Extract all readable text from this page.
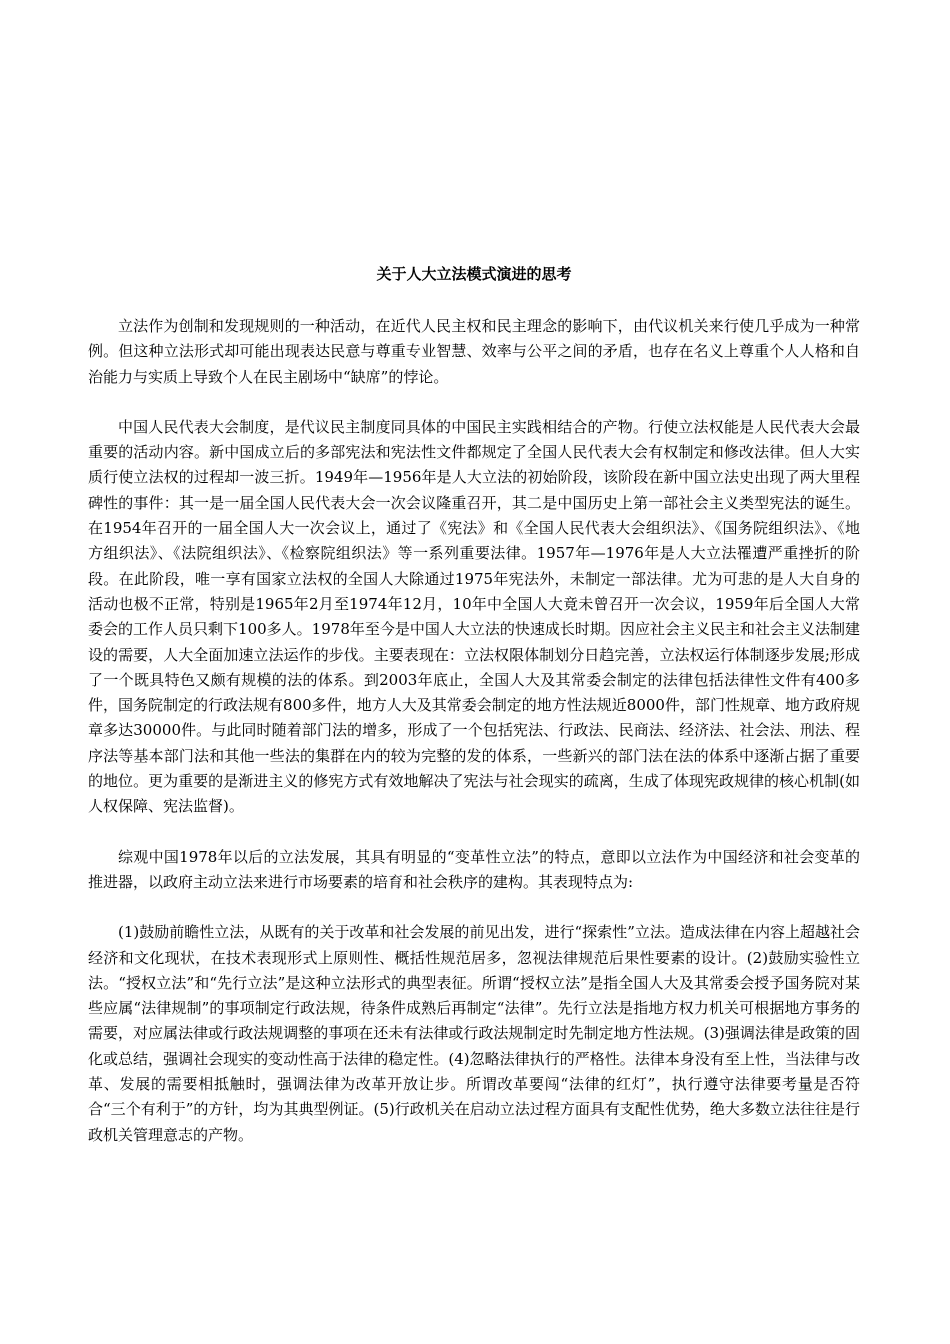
关于人大立法模式演进的思考

立法作为创制和发现规则的一种活动，在近代人民主权和民主理念的影响下，由代议机关来行使几乎成为一种常例。但这种立法形式却可能出现表达民意与尊重专业智慧、效率与公平之间的矛盾，也存在名义上尊重个人人格和自治能力与实质上导致个人在民主剧场中“缺席”的悖论。

中国人民代表大会制度，是代议民主制度同具体的中国民主实践相结合的产物。行使立法权能是人民代表大会最重要的活动内容。新中国成立后的多部宪法和宪法性文件都规定了全国人民代表大会有权制定和修改法律。但人大实质行使立法权的过程却一波三折。1949年—1956年是人大立法的初始阶段，该阶段在新中国立法史出现了两大里程碑性的事件：其一是一届全国人民代表大会一次会议隆重召开，其二是中国历史上第一部社会主义类型宪法的诞生。在1954年召开的一届全国人大一次会议上，通过了《宪法》和《全国人民代表大会组织法》、《国务院组织法》、《地方组织法》、《法院组织法》、《检察院组织法》等一系列重要法律。1957年—1976年是人大立法罹遭严重挫折的阶段。在此阶段，唯一享有国家立法权的全国人大除通过1975年宪法外，未制定一部法律。尤为可悲的是人大自身的活动也极不正常，特别是1965年2月至1974年12月，10年中全国人大竟未曾召开一次会议，1959年后全国人大常委会的工作人员只剩下100多人。1978年至今是中国人大立法的快速成长时期。因应社会主义民主和社会主义法制建设的需要，人大全面加速立法运作的步伐。主要表现在：立法权限体制划分日趋完善，立法权运行体制逐步发展;形成了一个既具特色又颇有规模的法的体系。到2003年底止，全国人大及其常委会制定的法律包括法律性文件有400多件，国务院制定的行政法规有800多件，地方人大及其常委会制定的地方性法规近8000件，部门性规章、地方政府规章多达30000件。与此同时随着部门法的增多，形成了一个包括宪法、行政法、民商法、经济法、社会法、刑法、程序法等基本部门法和其他一些法的集群在内的较为完整的发的体系，一些新兴的部门法在法的体系中逐渐占据了重要的地位。更为重要的是渐进主义的修宪方式有效地解决了宪法与社会现实的疏离，生成了体现宪政规律的核心机制(如人权保障、宪法监督)。

综观中国1978年以后的立法发展，其具有明显的“变革性立法”的特点，意即以立法作为中国经济和社会变革的推进器，以政府主动立法来进行市场要素的培育和社会秩序的建构。其表现特点为:

(1)鼓励前瞻性立法，从既有的关于改革和社会发展的前见出发，进行“探索性”立法。造成法律在内容上超越社会经济和文化现状，在技术表现形式上原则性、概括性规范居多，忽视法律规范后果性要素的设计。(2)鼓励实验性立法。“授权立法”和“先行立法”是这种立法形式的典型表征。所谓“授权立法”是指全国人大及其常委会授予国务院对某些应属“法律规制”的事项制定行政法规，待条件成熟后再制定“法律”。先行立法是指地方权力机关可根据地方事务的需要，对应属法律或行政法规调整的事项在还未有法律或行政法规制定时先制定地方性法规。(3)强调法律是政策的固化或总结，强调社会现实的变动性高于法律的稳定性。(4)忽略法律执行的严格性。法律本身没有至上性，当法律与改革、发展的需要相抵触时，强调法律为改革开放让步。所谓改革要闯“法律的红灯”，执行遵守法律要考量是否符合“三个有利于”的方针，均为其典型例证。(5)行政机关在启动立法过程方面具有支配性优势，绝大多数立法往往是行政机关管理意志的产物。
